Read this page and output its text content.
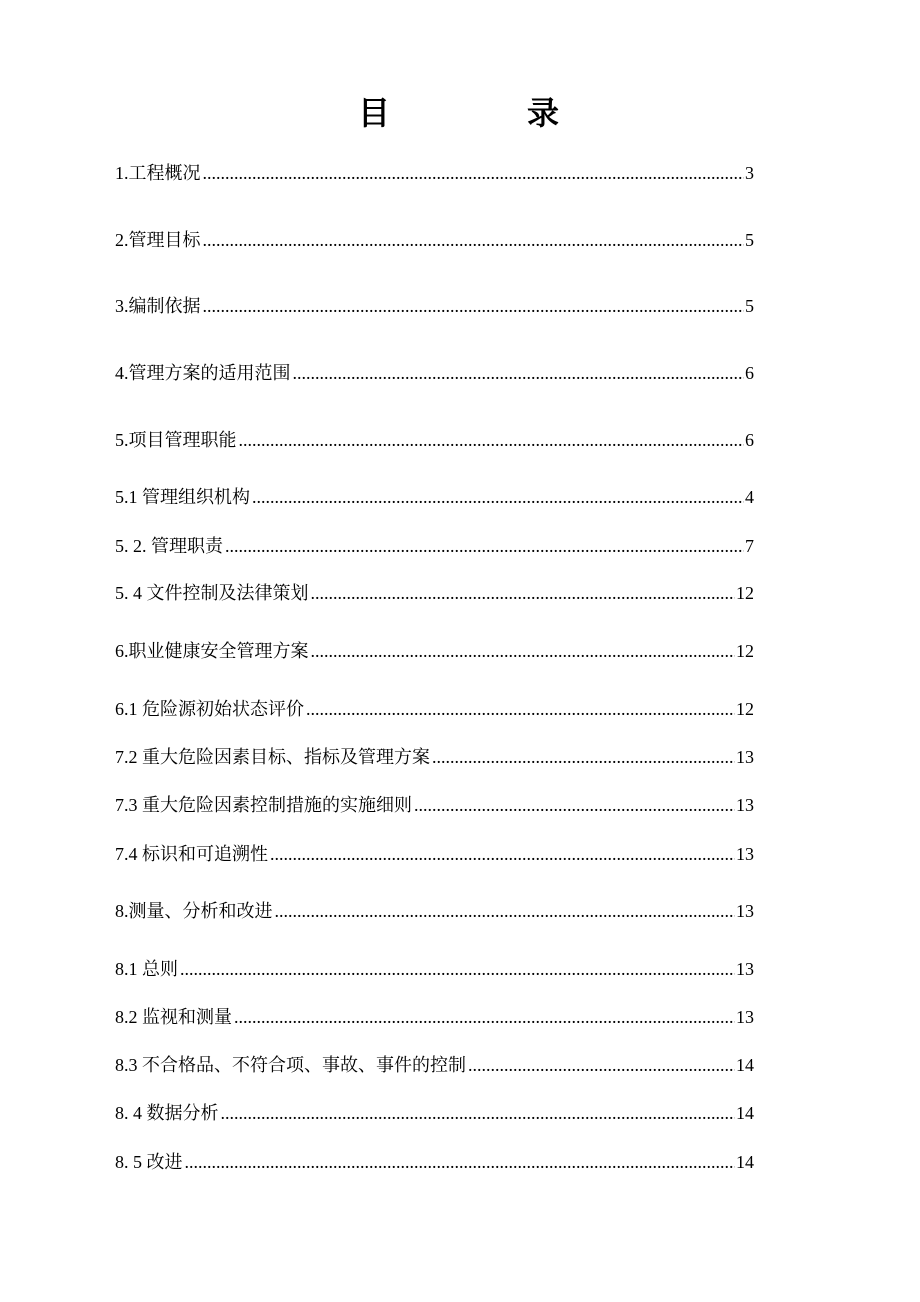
目	录
1.工程概况 .....	3
2.管理目标 .....	5
3.编制依据 .....	5
4.管理方案的适用范围 .....	6
5.项目管理职能 .....	6
5.1 管理组织机构 .....	4
5. 2. 管理职责 .....	7
5. 4 文件控制及法律策划 .....	12
6.职业健康安全管理方案 .....	12
6.1 危险源初始状态评价 .....	12
7.2 重大危险因素目标、指标及管理方案 .....	13
7.3 重大危险因素控制措施的实施细则 .....	13
7.4 标识和可追溯性 .....	13
8.测量、分析和改进 .....	13
8.1 总则 .....	13
8.2 监视和测量 .....	13
8.3 不合格品、不符合项、事故、事件的控制 .....	14
8. 4 数据分析 .....	14
8. 5 改进 .....	14
